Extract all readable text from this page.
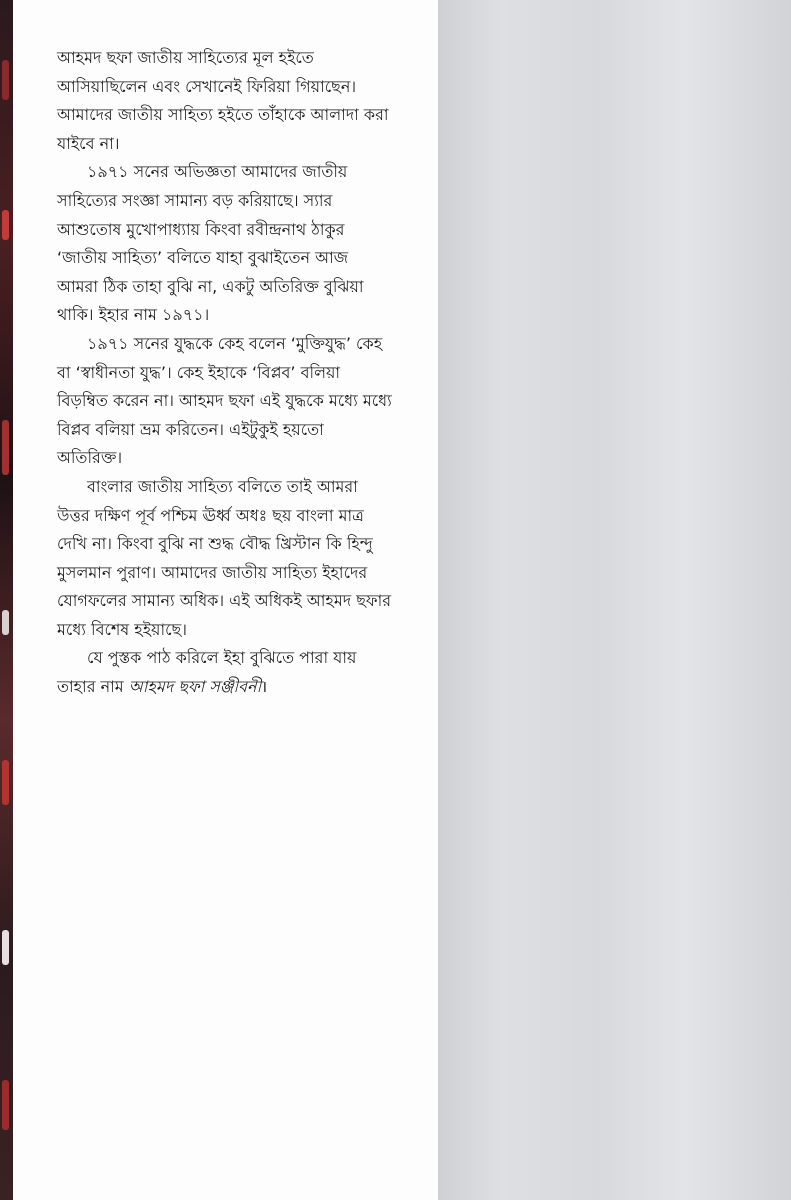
আহমদ ছফা জাতীয় সাহিত্যের মূল হইতে আসিয়াছিলেন এবং সেখানেই ফিরিয়া গিয়াছেন। আমাদের জাতীয় সাহিত্য হইতে তাঁহাকে আলাদা করা যাইবে না।

১৯৭১ সনের অভিজ্ঞতা আমাদের জাতীয় সাহিত্যের সংজ্ঞা সামান্য বড় করিয়াছে। স্যার আশুতোষ মুখোপাধ্যায় কিংবা রবীন্দ্রনাথ ঠাকুর ‘জাতীয় সাহিত্য’ বলিতে যাহা বুঝাইতেন আজ আমরা ঠিক তাহা বুঝি না, একটু অতিরিক্ত বুঝিয়া থাকি। ইহার নাম ১৯৭১।

১৯৭১ সনের যুদ্ধকে কেহ বলেন ‘মুক্তিযুদ্ধ’ কেহ বা ‘স্বাধীনতা যুদ্ধ’। কেহ ইহাকে ‘বিপ্লব’ বলিয়া বিড়ম্বিত করেন না। আহমদ ছফা এই যুদ্ধকে মধ্যে মধ্যে বিপ্লব বলিয়া ভ্রম করিতেন। এইটুকুই হয়তো অতিরিক্ত।

বাংলার জাতীয় সাহিত্য বলিতে তাই আমরা উত্তর দক্ষিণ পূর্ব পশ্চিম ঊর্ধ্ব অধঃ ছয় বাংলা মাত্র দেখি না। কিংবা বুঝি না শুদ্ধ বৌদ্ধ খ্রিস্টান কি হিন্দু মুসলমান পুরাণ। আমাদের জাতীয় সাহিত্য ইহাদের যোগফলের সামান্য অধিক। এই অধিকই আহমদ ছফার মধ্যে বিশেষ হইয়াছে।

যে পুস্তক পাঠ করিলে ইহা বুঝিতে পারা যায় তাহার নাম আহমদ ছফা সঞ্জীবনী।
